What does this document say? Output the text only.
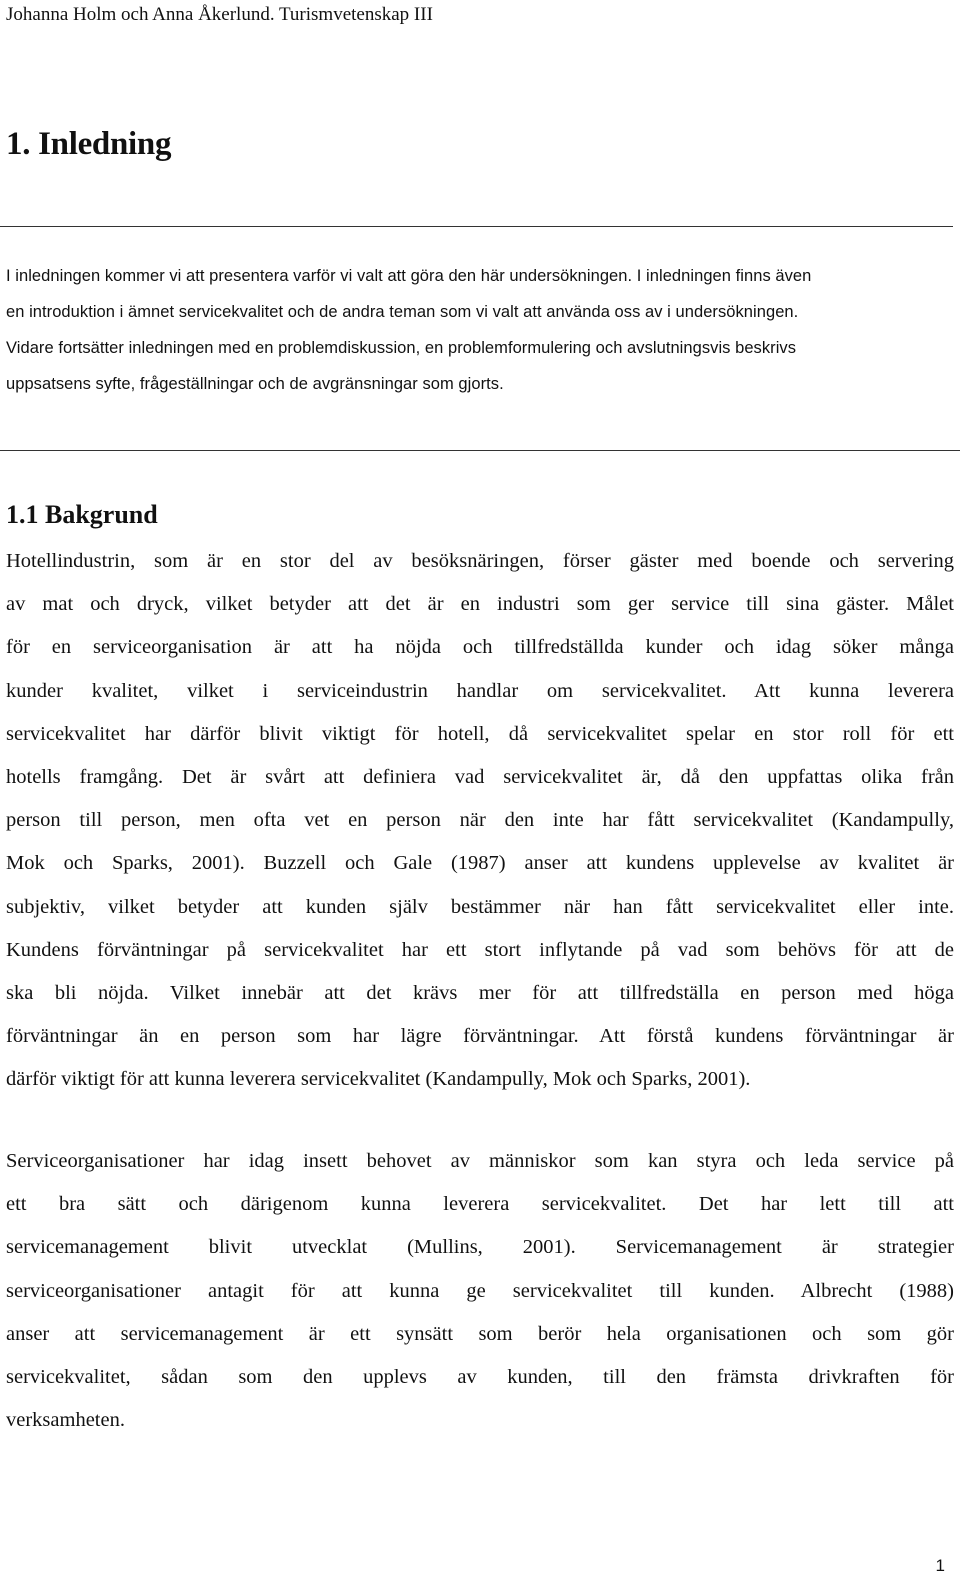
Johanna Holm och Anna Åkerlund. Turismvetenskap III
1. Inledning
I inledningen kommer vi att presentera varför vi valt att göra den här undersökningen. I inledningen finns även
en introduktion i ämnet servicekvalitet och de andra teman som vi valt att använda oss av i undersökningen.
Vidare fortsätter inledningen med en problemdiskussion, en problemformulering och avslutningsvis beskrivs
uppsatsens syfte, frågeställningar och de avgränsningar som gjorts.
1.1 Bakgrund
Hotellindustrin, som är en stor del av besöksnäringen, förser gäster med boende och servering
av mat och dryck, vilket betyder att det är en industri som ger service till sina gäster. Målet
för en serviceorganisation är att ha nöjda och tillfredställda kunder och idag söker många
kunder kvalitet, vilket i serviceindustrin handlar om servicekvalitet. Att kunna leverera
servicekvalitet har därför blivit viktigt för hotell, då servicekvalitet spelar en stor roll för ett
hotells framgång. Det är svårt att definiera vad servicekvalitet är, då den uppfattas olika från
person till person, men ofta vet en person när den inte har fått servicekvalitet (Kandampully,
Mok och Sparks, 2001). Buzzell och Gale (1987) anser att kundens upplevelse av kvalitet är
subjektiv, vilket betyder att kunden själv bestämmer när han fått servicekvalitet eller inte.
Kundens förväntningar på servicekvalitet har ett stort inflytande på vad som behövs för att de
ska bli nöjda. Vilket innebär att det krävs mer för att tillfredställa en person med höga
förväntningar än en person som har lägre förväntningar. Att förstå kundens förväntningar är
därför viktigt för att kunna leverera servicekvalitet (Kandampully, Mok och Sparks, 2001).
Serviceorganisationer har idag insett behovet av människor som kan styra och leda service på
ett bra sätt och därigenom kunna leverera servicekvalitet. Det har lett till att
servicemanagement blivit utvecklat (Mullins, 2001). Servicemanagement är strategier
serviceorganisationer antagit för att kunna ge servicekvalitet till kunden. Albrecht (1988)
anser att servicemanagement är ett synsätt som berör hela organisationen och som gör
servicekvalitet, sådan som den upplevs av kunden, till den främsta drivkraften för
verksamheten.
1
